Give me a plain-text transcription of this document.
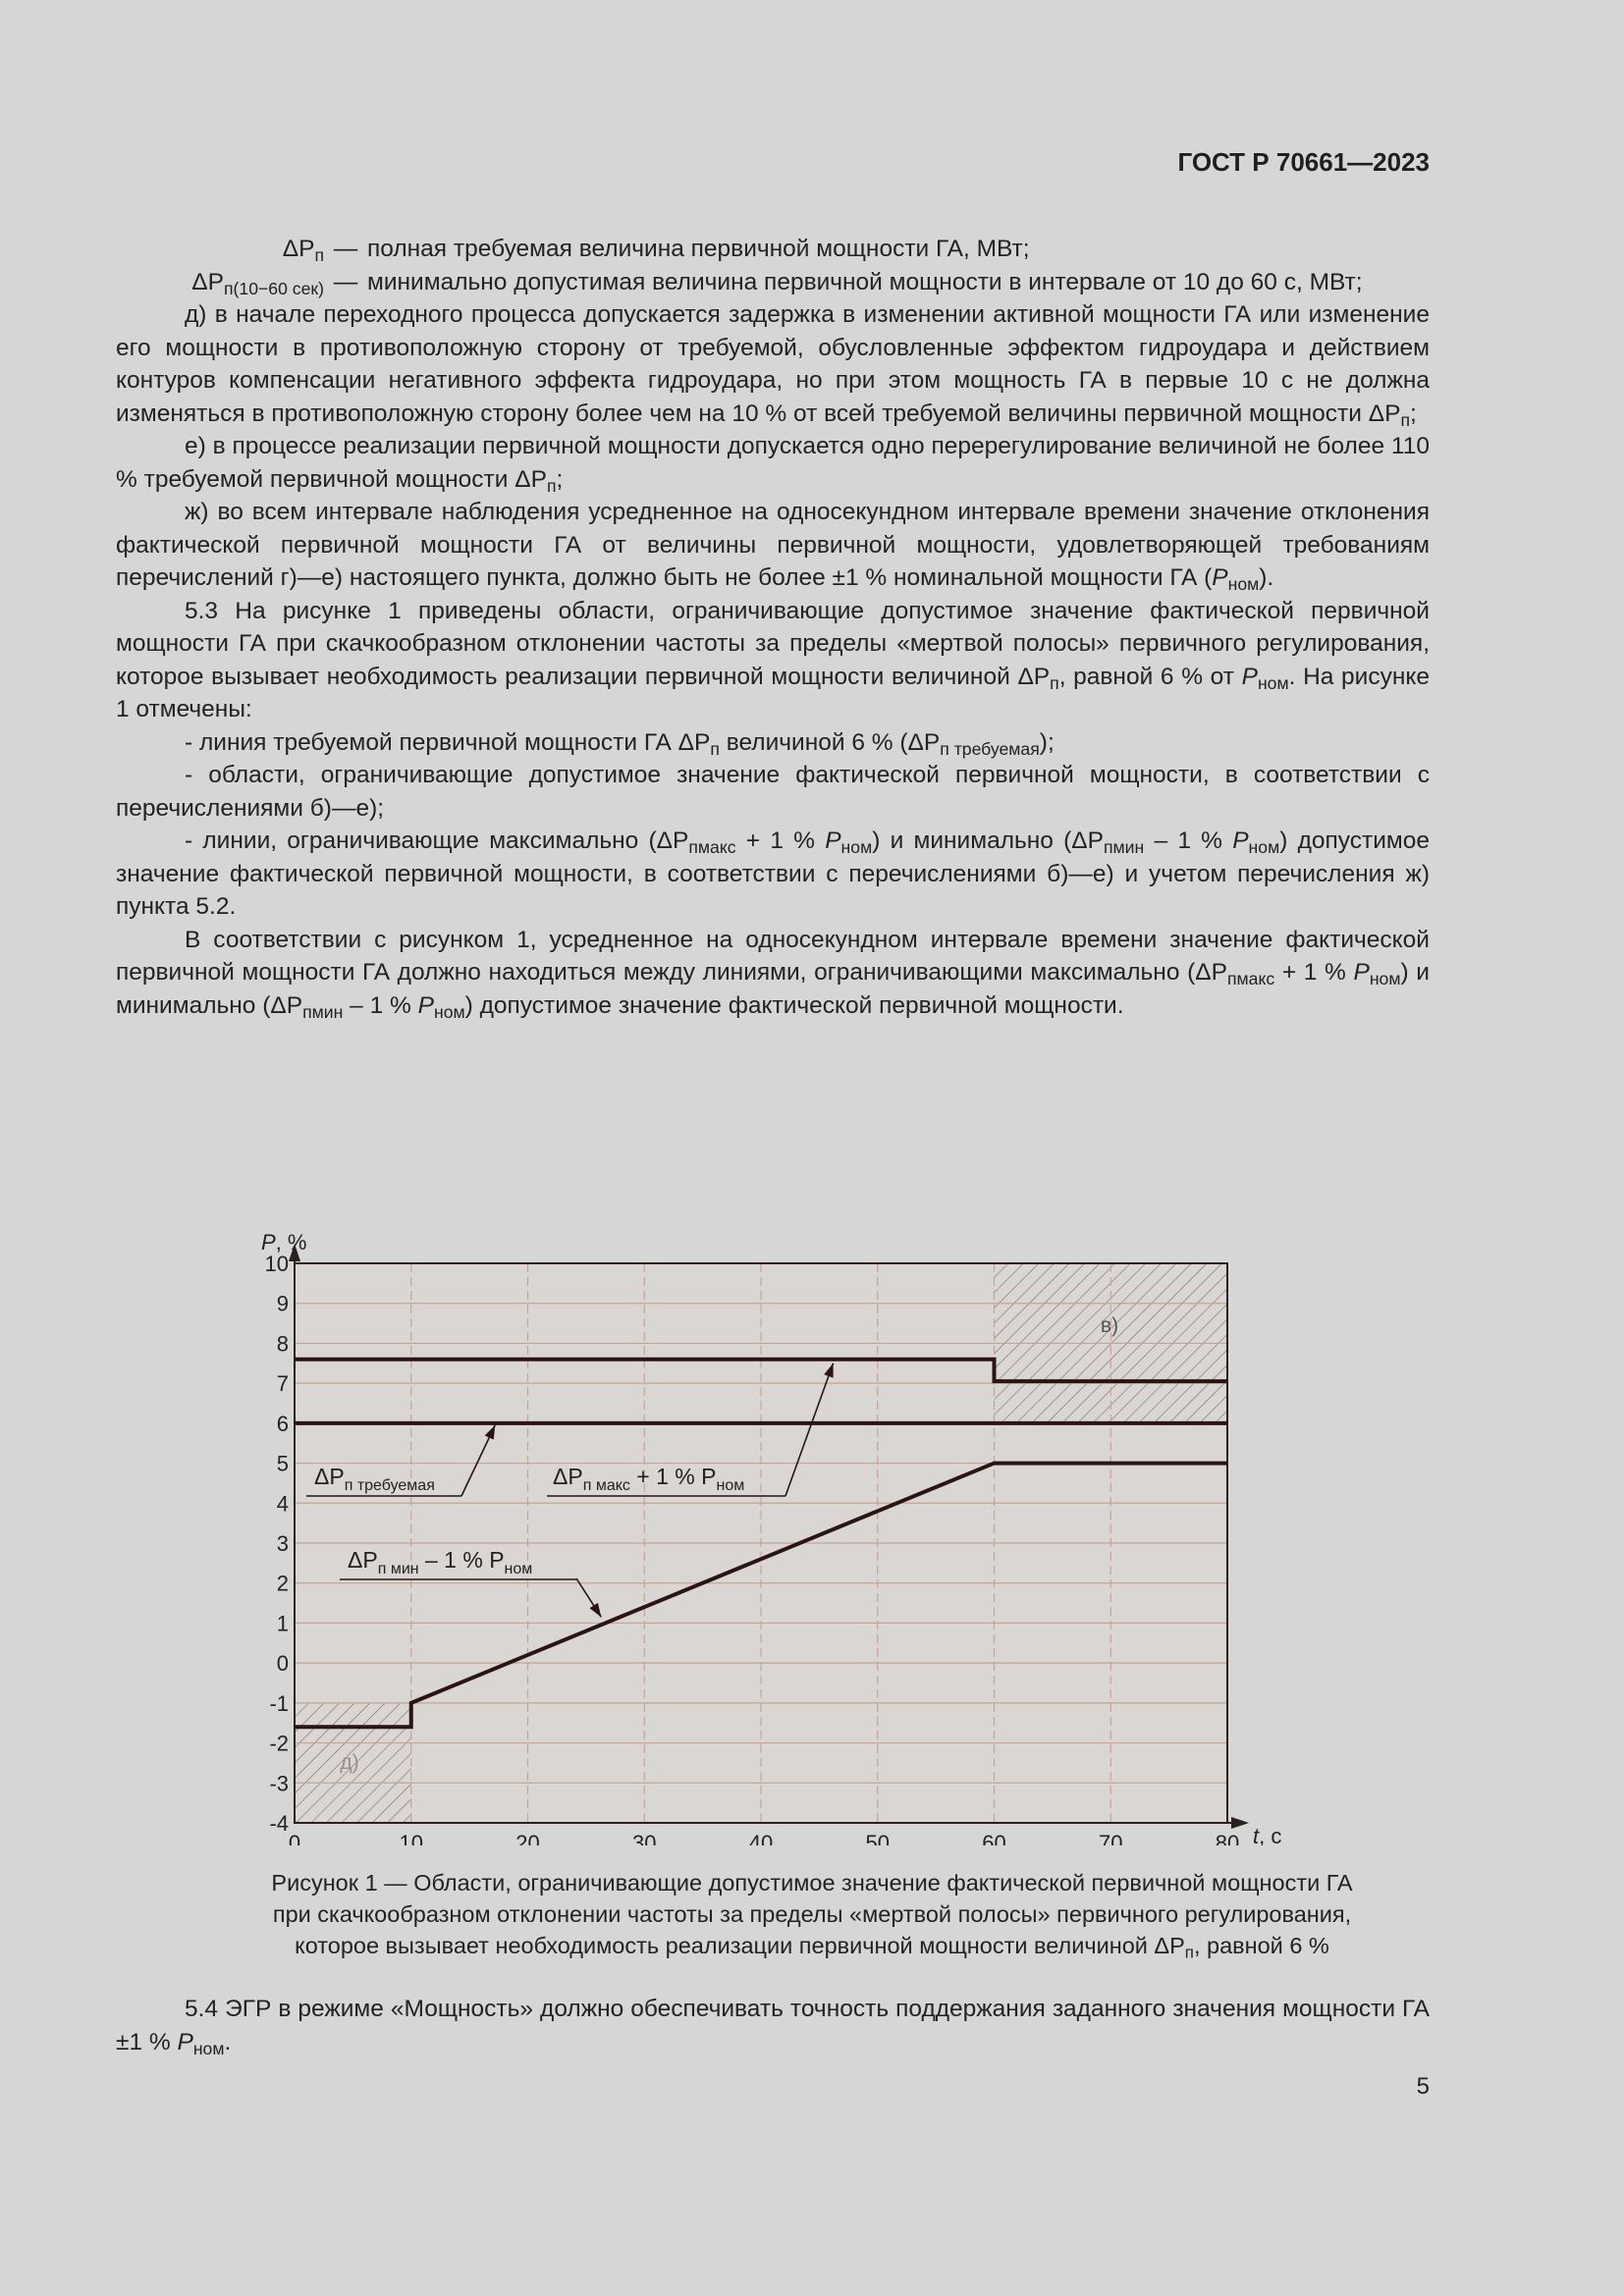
ГОСТ Р 70661—2023
$\Delta P_п$ — полная требуемая величина первичной мощности ГА, МВт;
$\Delta P_{п(10-60 сек)}$ — минимально допустимая величина первичной мощности в интервале от 10 до 60 с, МВт;

д) в начале переходного процесса допускается задержка в изменении активной мощности ГА или изменение его мощности в противоположную сторону от требуемой, обусловленные эффектом гидроудара и действием контуров компенсации негативного эффекта гидроудара, но при этом мощность ГА в первые 10 с не должна изменяться в противоположную сторону более чем на 10 % от всей требуемой величины первичной мощности $\Delta P_п$;

е) в процессе реализации первичной мощности допускается одно перерегулирование величиной не более 110 % требуемой первичной мощности $\Delta P_п$;

ж) во всем интервале наблюдения усредненное на односекундном интервале времени значение отклонения фактической первичной мощности ГА от величины первичной мощности, удовлетворяющей требованиям перечислений г)—е) настоящего пункта, должно быть не более ±1 % номинальной мощности ГА $(P_{ном})$.

5.3 На рисунке 1 приведены области, ограничивающие допустимое значение фактической первичной мощности ГА при скачкообразном отклонении частоты за пределы «мертвой полосы» первичного регулирования, которое вызывает необходимость реализации первичной мощности величиной $\Delta P_п$, равной 6 % от $P_{ном}$. На рисунке 1 отмечены:

- линия требуемой первичной мощности ГА $\Delta P_п$ величиной 6 % $(\Delta P_{п требуемая})$;

- области, ограничивающие допустимое значение фактической первичной мощности, в соответствии с перечислениями б)—е);

- линии, ограничивающие максимально ($\Delta P_{пмакс} + 1$ % $P_{ном}$) и минимально ($\Delta P_{пмин} - 1$ % $P_{ном}$) допустимое значение фактической первичной мощности, в соответствии с перечислениями б)—е) и учетом перечисления ж) пункта 5.2.

В соответствии с рисунком 1, усредненное на односекундном интервале времени значение фактической первичной мощности ГА должно находиться между линиями, ограничивающими максимально ($\Delta P_{пмакс} + 1$ % $P_{ном}$) и минимально ($\Delta P_{пмин} - 1$ % $P_{ном}$) допустимое значение фактической первичной мощности.

0	10	20	30	40	50	60	70	80
-4
-3
-2
-1
0
1
2
3
4
5
6
7
8
9
10
P, %
t, с
в)
д)
$\Delta P_{п требуемая}$	$\Delta P_{п макс} + 1$ % $P_{ном}$
$\Delta P_{п мин} - 1$ % $P_{ном}$

Рисунок 1 — Области, ограничивающие допустимое значение фактической первичной мощности ГА

при скачкообразном отклонении частоты за пределы «мертвой полосы» первичного регулирования,

которое вызывает необходимость реализации первичной мощности величиной $\Delta P_п$, равной 6 %

5.4 ЭГР в режиме «Мощность» должно обеспечивать точность поддержания заданного значения мощности ГА ±1 % $P_{ном}$.

5
